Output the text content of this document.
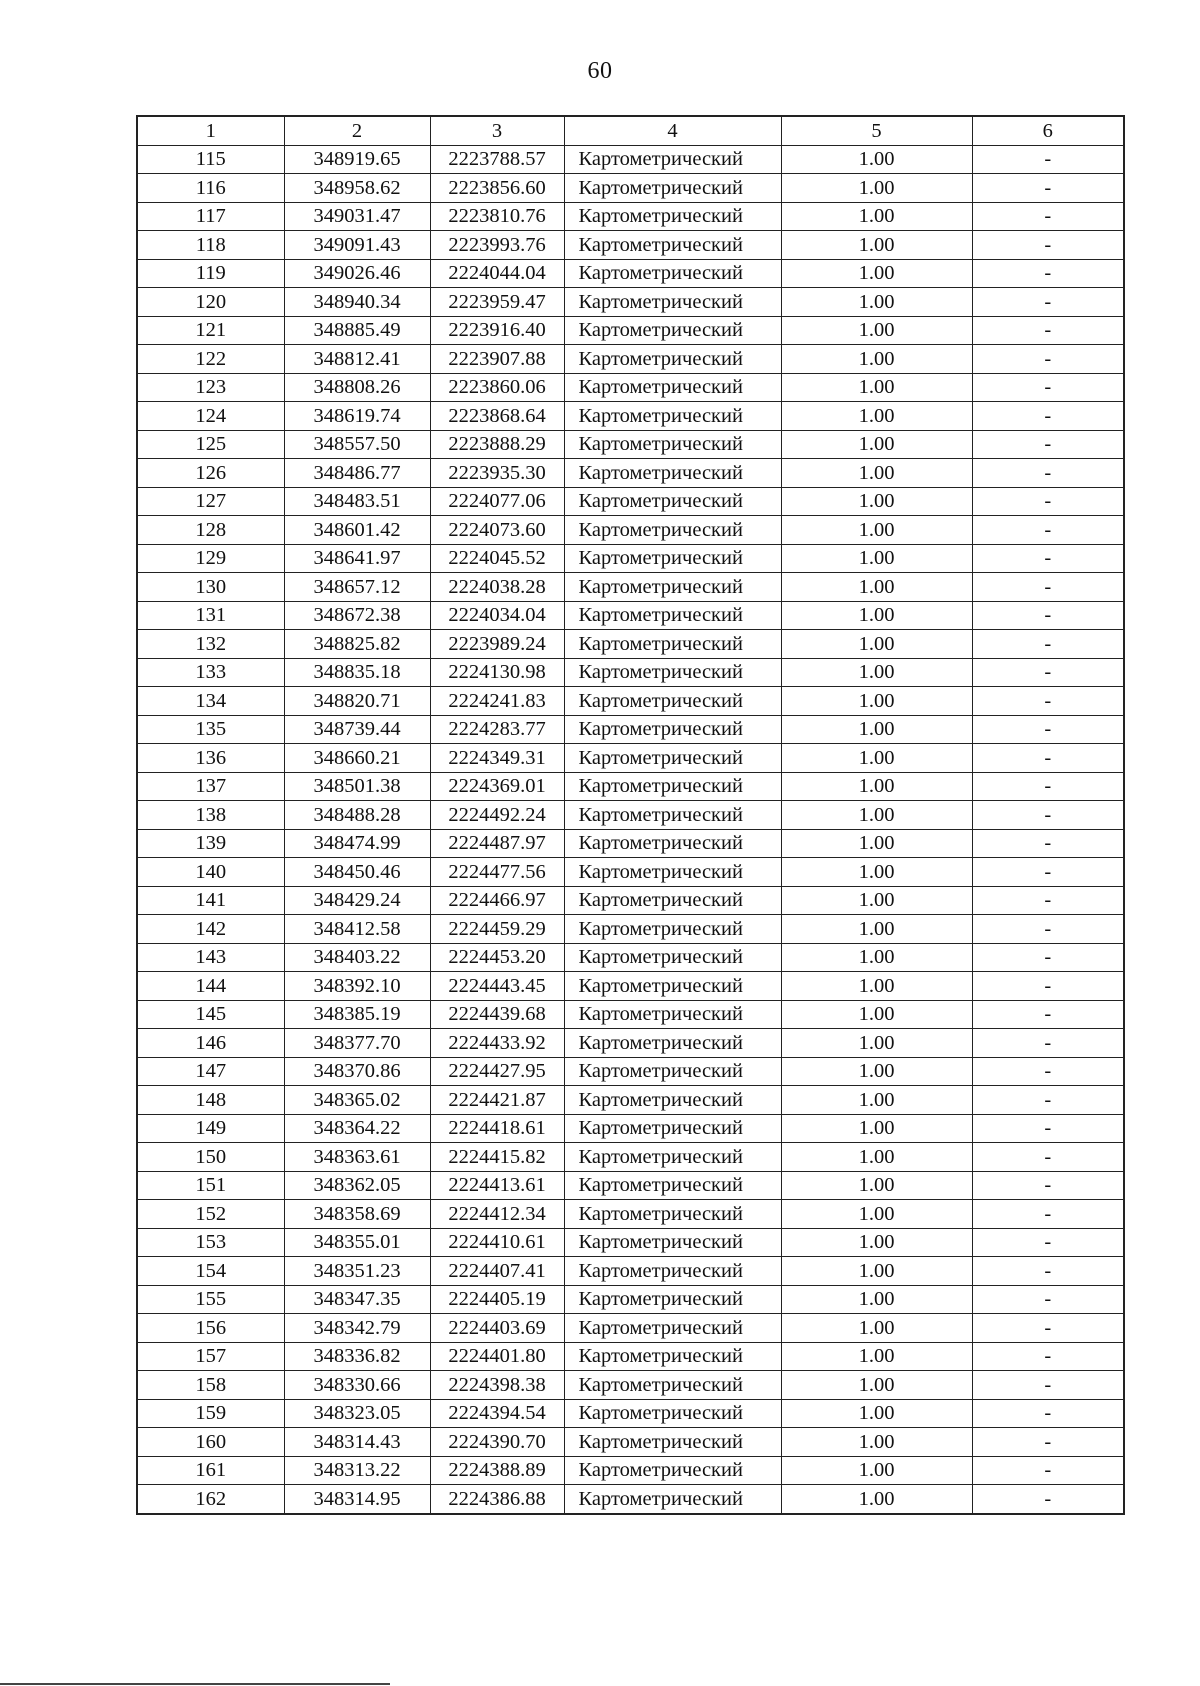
60
1	2	3	4	5	6
115	348919.65	2223788.57	Картометрический	1.00	-
116	348958.62	2223856.60	Картометрический	1.00	-
117	349031.47	2223810.76	Картометрический	1.00	-
118	349091.43	2223993.76	Картометрический	1.00	-
119	349026.46	2224044.04	Картометрический	1.00	-
120	348940.34	2223959.47	Картометрический	1.00	-
121	348885.49	2223916.40	Картометрический	1.00	-
122	348812.41	2223907.88	Картометрический	1.00	-
123	348808.26	2223860.06	Картометрический	1.00	-
124	348619.74	2223868.64	Картометрический	1.00	-
125	348557.50	2223888.29	Картометрический	1.00	-
126	348486.77	2223935.30	Картометрический	1.00	-
127	348483.51	2224077.06	Картометрический	1.00	-
128	348601.42	2224073.60	Картометрический	1.00	-
129	348641.97	2224045.52	Картометрический	1.00	-
130	348657.12	2224038.28	Картометрический	1.00	-
131	348672.38	2224034.04	Картометрический	1.00	-
132	348825.82	2223989.24	Картометрический	1.00	-
133	348835.18	2224130.98	Картометрический	1.00	-
134	348820.71	2224241.83	Картометрический	1.00	-
135	348739.44	2224283.77	Картометрический	1.00	-
136	348660.21	2224349.31	Картометрический	1.00	-
137	348501.38	2224369.01	Картометрический	1.00	-
138	348488.28	2224492.24	Картометрический	1.00	-
139	348474.99	2224487.97	Картометрический	1.00	-
140	348450.46	2224477.56	Картометрический	1.00	-
141	348429.24	2224466.97	Картометрический	1.00	-
142	348412.58	2224459.29	Картометрический	1.00	-
143	348403.22	2224453.20	Картометрический	1.00	-
144	348392.10	2224443.45	Картометрический	1.00	-
145	348385.19	2224439.68	Картометрический	1.00	-
146	348377.70	2224433.92	Картометрический	1.00	-
147	348370.86	2224427.95	Картометрический	1.00	-
148	348365.02	2224421.87	Картометрический	1.00	-
149	348364.22	2224418.61	Картометрический	1.00	-
150	348363.61	2224415.82	Картометрический	1.00	-
151	348362.05	2224413.61	Картометрический	1.00	-
152	348358.69	2224412.34	Картометрический	1.00	-
153	348355.01	2224410.61	Картометрический	1.00	-
154	348351.23	2224407.41	Картометрический	1.00	-
155	348347.35	2224405.19	Картометрический	1.00	-
156	348342.79	2224403.69	Картометрический	1.00	-
157	348336.82	2224401.80	Картометрический	1.00	-
158	348330.66	2224398.38	Картометрический	1.00	-
159	348323.05	2224394.54	Картометрический	1.00	-
160	348314.43	2224390.70	Картометрический	1.00	-
161	348313.22	2224388.89	Картометрический	1.00	-
162	348314.95	2224386.88	Картометрический	1.00	-
